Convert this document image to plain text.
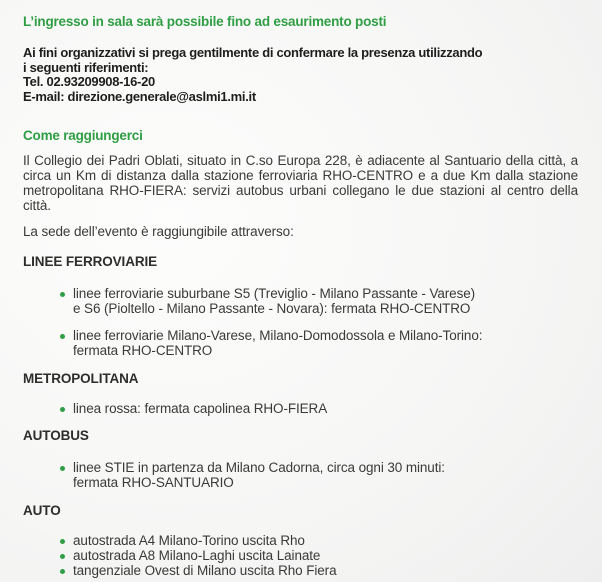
L’ingresso in sala sarà possibile fino ad esaurimento posti
Ai fini organizzativi si prega gentilmente di confermare la presenza utilizzando
i seguenti riferimenti:
Tel. 02.93209908-16-20
E-mail: direzione.generale@aslmi1.mi.it
Come raggiungerci

Il Collegio dei Padri Oblati, situato in C.so Europa 228, è adiacente al Santuario della città, a circa un Km di distanza dalla stazione ferroviaria RHO-CENTRO e a due Km dalla stazione metropolitana RHO-FIERA: servizi autobus urbani collegano le due stazioni al centro della città.

La sede dell’evento è raggiungibile attraverso:

LINEE FERROVIARIE
linee ferroviarie suburbane S5 (Treviglio - Milano Passante - Varese)
e S6 (Pioltello - Milano Passante - Novara): fermata RHO-CENTRO
linee ferroviarie Milano-Varese, Milano-Domodossola e Milano-Torino:
fermata RHO-CENTRO
METROPOLITANA
linea rossa: fermata capolinea RHO-FIERA
AUTOBUS
linee STIE in partenza da Milano Cadorna, circa ogni 30 minuti:
fermata RHO-SANTUARIO
AUTO
autostrada A4 Milano-Torino uscita Rho
autostrada A8 Milano-Laghi uscita Lainate
tangenziale Ovest di Milano uscita Rho Fiera
